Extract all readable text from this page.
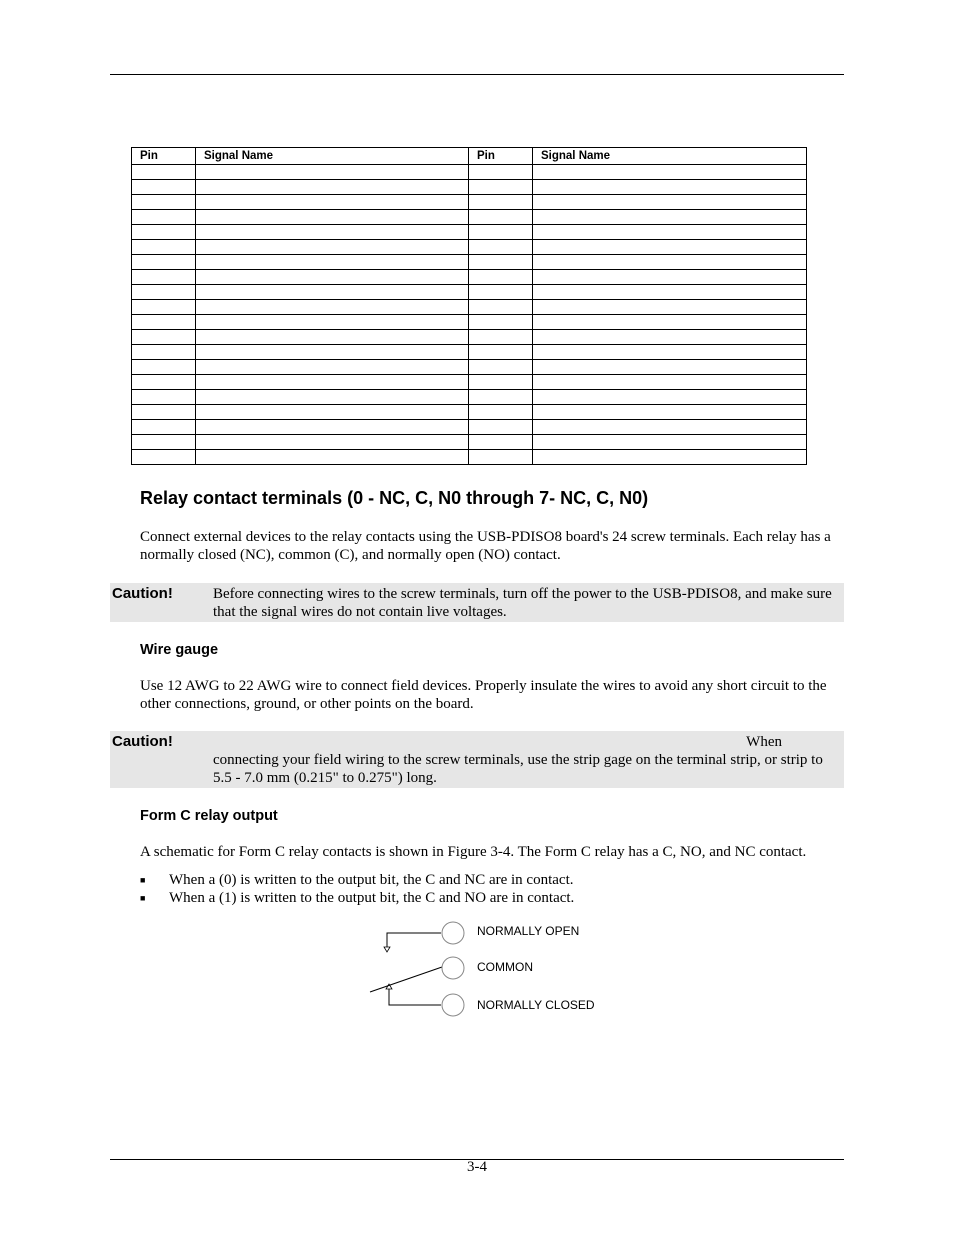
Pin	Signal Name	Pin	Signal Name

Relay contact terminals (0 - NC, C, N0 through 7- NC, C, N0)

Connect external devices to the relay contacts using the USB-PDISO8 board's 24 screw terminals. Each relay has a normally closed (NC), common (C), and normally open (NO) contact.

Caution!	Before connecting wires to the screw terminals, turn off the power to the USB-PDISO8, and make sure that the signal wires do not contain live voltages.
Wire gauge

Use 12 AWG to 22 AWG wire to connect field devices. Properly insulate the wires to avoid any short circuit to the other connections, ground, or other points on the board.

Caution!	When
connecting your field wiring to the screw terminals, use the strip gage on the terminal strip, or strip to 5.5 - 7.0 mm (0.215" to 0.275") long.
Form C relay output

A schematic for Form C relay contacts is shown in Figure 3-4. The Form C relay has a C, NO, and NC contact.

■ When a (0) is written to the output bit, the C and NC are in contact.
■ When a (1) is written to the output bit, the C and NO are in contact.
NORMALLY OPEN
COMMON
NORMALLY CLOSED
3-4
